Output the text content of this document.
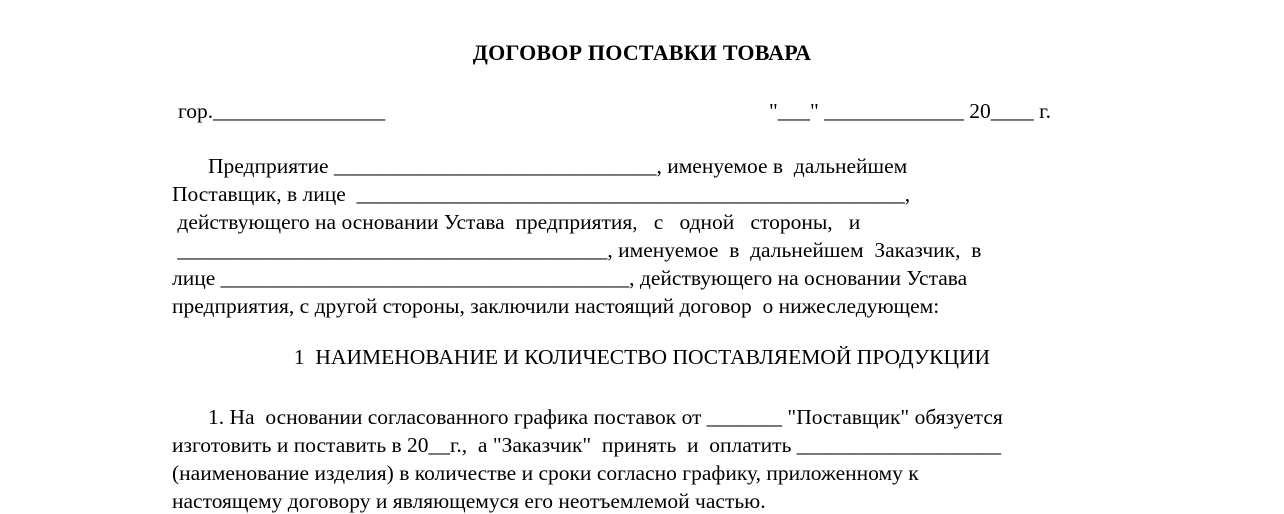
ДОГОВОР ПОСТАВКИ ТОВАРА
гор.________________	"___" _____________ 20____ г.
Предприятие ______________________________, именуемое в  дальнейшем
Поставщик, в лице  ___________________________________________________,
действующего на основании Устава  предприятия,   с   одной   стороны,   и
________________________________________, именуемое  в  дальнейшем  Заказчик,  в
лице ______________________________________, действующего на основании Устава
предприятия, с другой стороны, заключили настоящий договор  о нижеследующем:
1  НАИМЕНОВАНИЕ И КОЛИЧЕСТВО ПОСТАВЛЯЕМОЙ ПРОДУКЦИИ
1. На  основании согласованного графика поставок от _______ "Поставщик" обязуется
изготовить и поставить в 20__г.,  а "Заказчик"  принять  и  оплатить ___________________
(наименование изделия) в количестве и сроки согласно графику, приложенному к
настоящему договору и являющемуся его неотъемлемой частью.
